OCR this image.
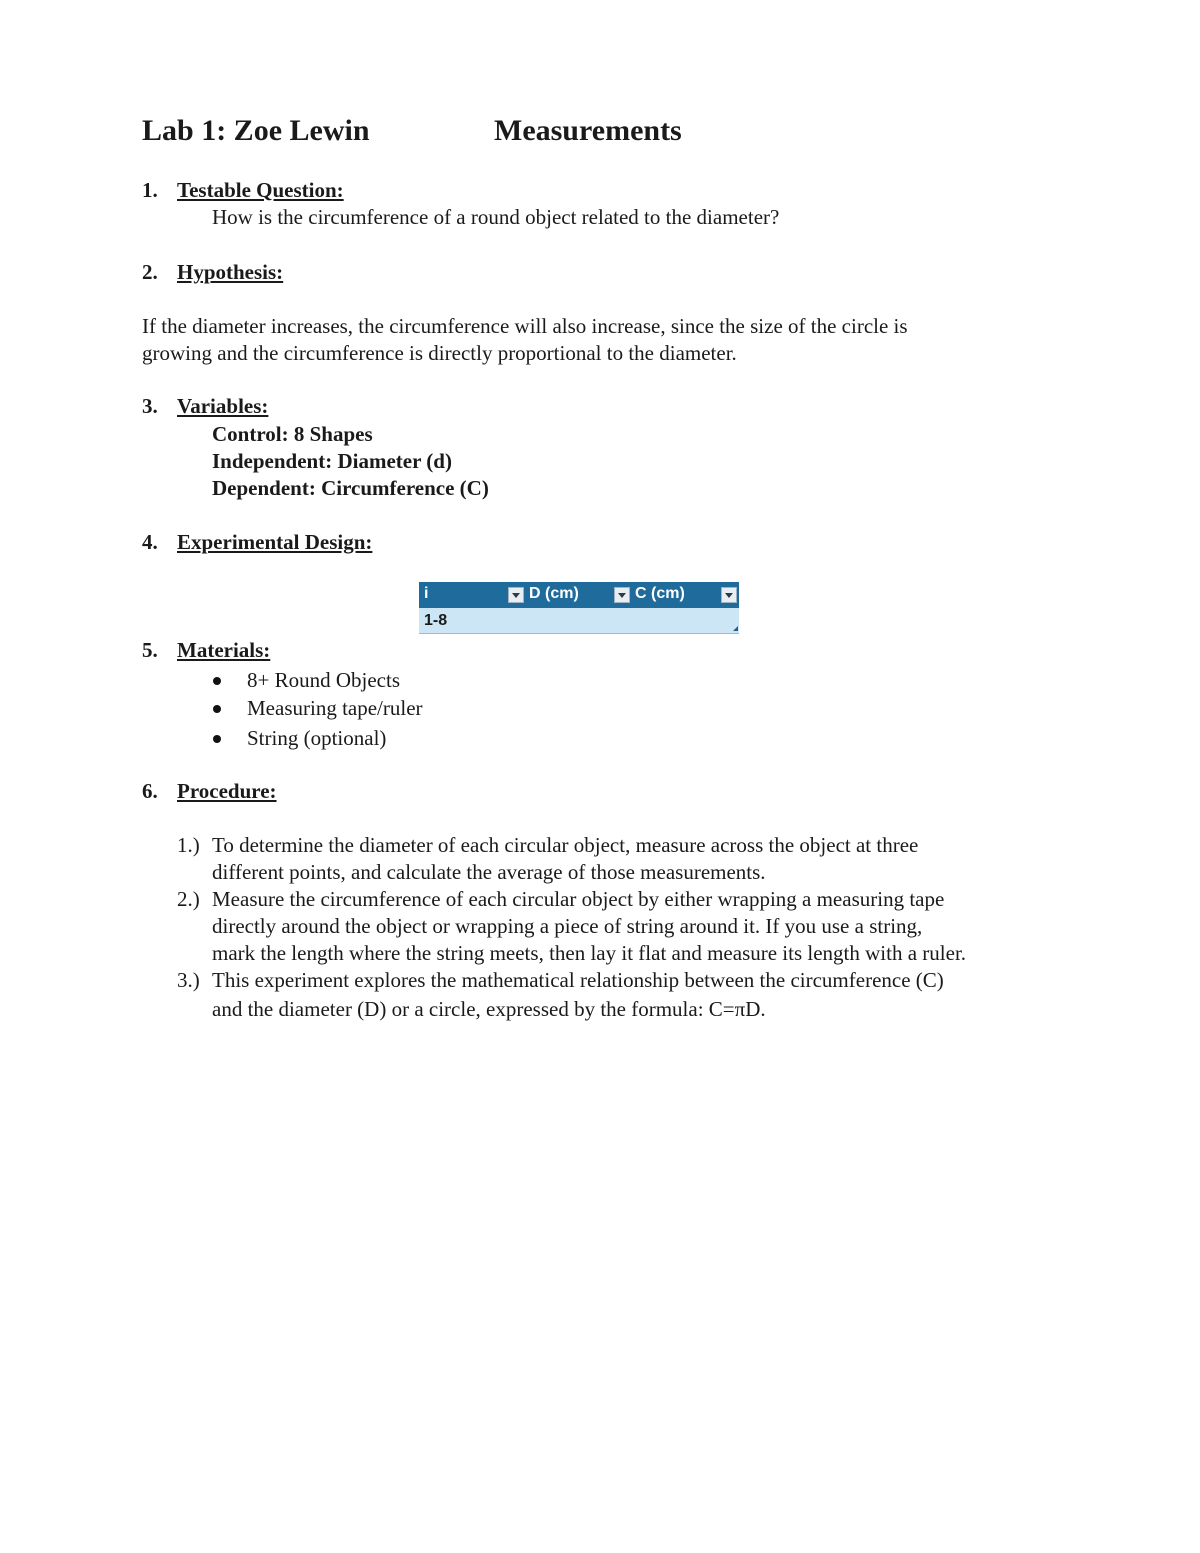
Lab 1: Zoe Lewin	Measurements
1. Testable Question:
How is the circumference of a round object related to the diameter?
2. Hypothesis:
If the diameter increases, the circumference will also increase, since the size of the circle is
growing and the circumference is directly proportional to the diameter.
3. Variables:
Control: 8 Shapes
Independent: Diameter (d)
Dependent: Circumference (C)
4. Experimental Design:
i	D (cm)	C (cm)
1-8
5. Materials:
8+ Round Objects
Measuring tape/ruler
String (optional)
6. Procedure:
1.) To determine the diameter of each circular object, measure across the object at three
different points, and calculate the average of those measurements.
2.) Measure the circumference of each circular object by either wrapping a measuring tape
directly around the object or wrapping a piece of string around it. If you use a string,
mark the length where the string meets, then lay it flat and measure its length with a ruler.
3.) This experiment explores the mathematical relationship between the circumference (C)
and the diameter (D) or a circle, expressed by the formula: C=πD.
